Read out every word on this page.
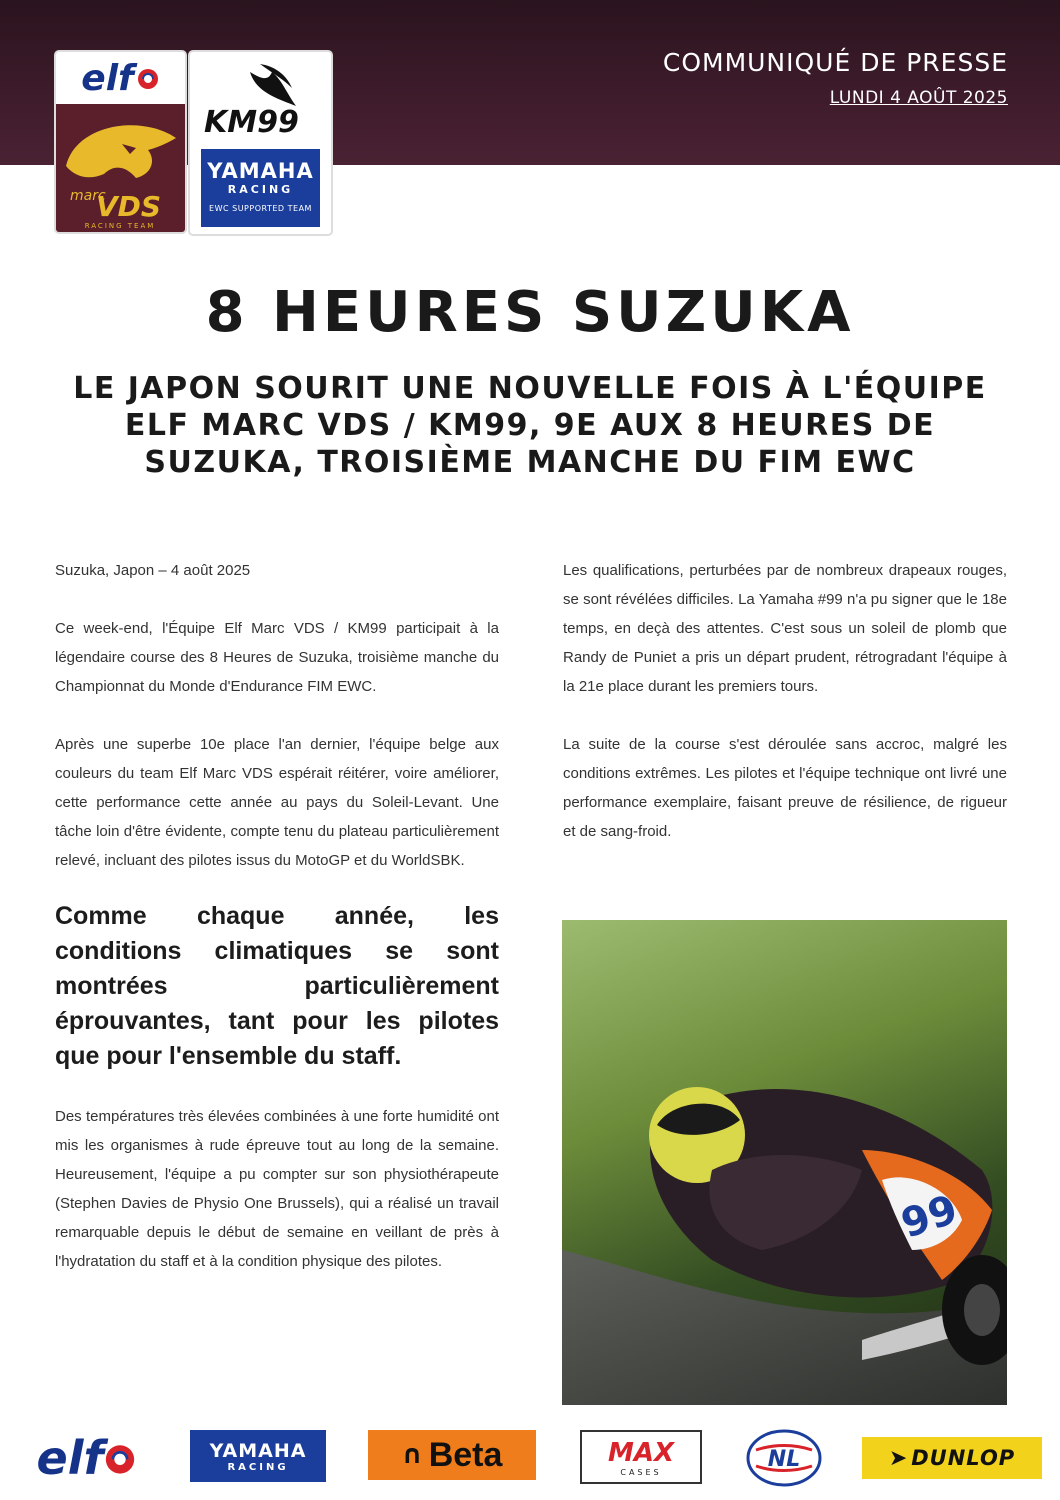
COMMUNIQUÉ DE PRESSE
LUNDI 4 AOÛT 2025
elf
marc
VDS
RACING TEAM
KM99
YAMAHA
RACING
EWC SUPPORTED TEAM
8 HEURES SUZUKA
LE JAPON SOURIT UNE NOUVELLE FOIS À L'ÉQUIPE ELF MARC VDS / KM99, 9E AUX 8 HEURES DE SUZUKA, TROISIÈME MANCHE DU FIM EWC

Suzuka, Japon – 4 août 2025

Ce week-end, l'Équipe Elf Marc VDS / KM99 participait à la légendaire course des 8 Heures de Suzuka, troisième manche du Championnat du Monde d'Endurance FIM EWC.

Après une superbe 10e place l'an dernier, l'équipe belge aux couleurs du team Elf Marc VDS espérait réitérer, voire améliorer, cette performance cette année au pays du Soleil-Levant. Une tâche loin d'être évidente, compte tenu du plateau particulièrement relevé, incluant des pilotes issus du MotoGP et du WorldSBK.

Comme chaque année, les conditions climatiques se sont montrées particulièrement éprouvantes, tant pour les pilotes que pour l'ensemble du staff.

Des températures très élevées combinées à une forte humidité ont mis les organismes à rude épreuve tout au long de la semaine. Heureusement, l'équipe a pu compter sur son physiothérapeute (Stephen Davies de Physio One Brussels), qui a réalisé un travail remarquable depuis le début de semaine en veillant de près à l'hydratation du staff et à la condition physique des pilotes.

Les qualifications, perturbées par de nombreux drapeaux rouges, se sont révélées difficiles. La Yamaha #99 n'a pu signer que le 18e temps, en deçà des attentes. C'est sous un soleil de plomb que Randy de Puniet a pris un départ prudent, rétrogradant l'équipe à la 21e place durant les premiers tours.

La suite de la course s'est déroulée sans accroc, malgré les conditions extrêmes. Les pilotes et l'équipe technique ont livré une performance exemplaire, faisant preuve de résilience, de rigueur et de sang-froid.

99
elf	YAMAHA
RACING	∩ Beta	MAX
CASES	NL	➤ DUNLOP
